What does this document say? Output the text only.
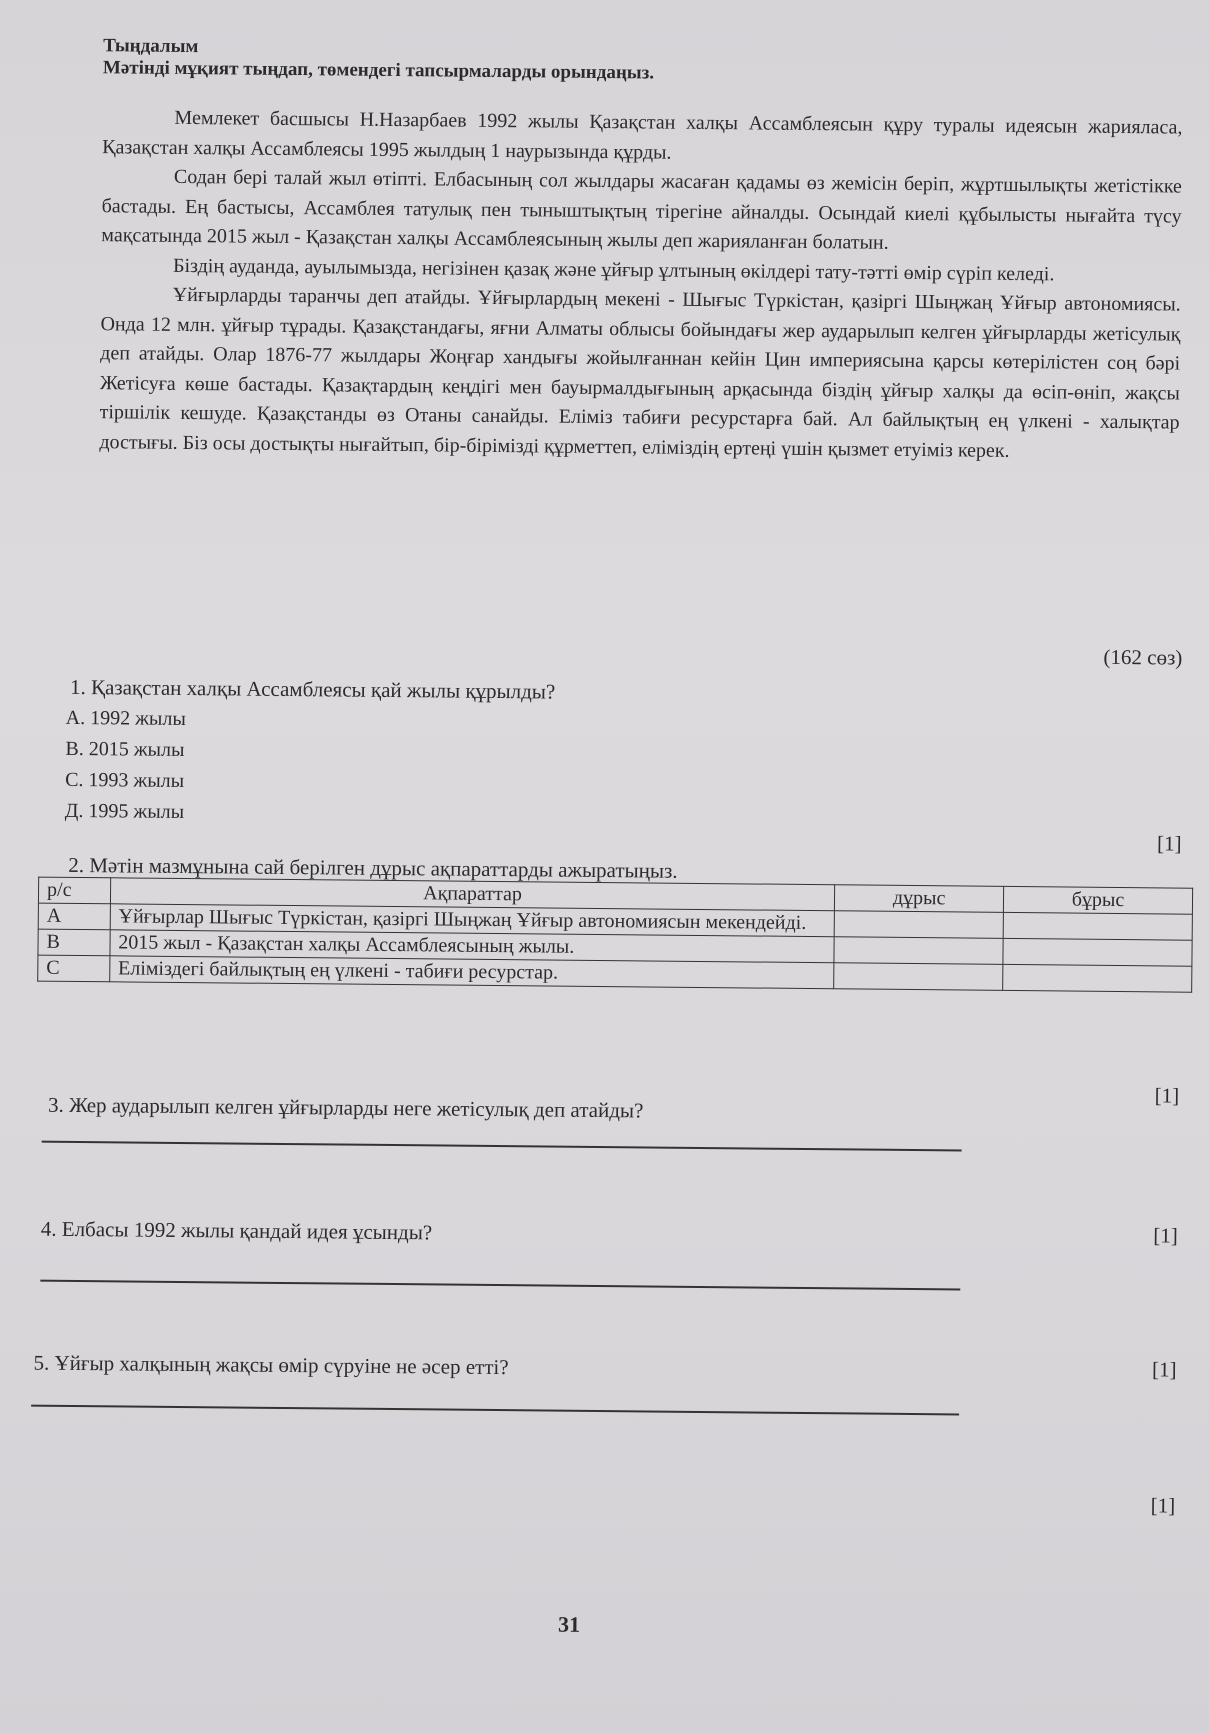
Тыңдалым
Мәтінді мұқият тыңдап, төмендегі тапсырмаларды орындаңыз.

Мемлекет басшысы Н.Назарбаев 1992 жылы Қазақстан халқы Ассамблеясын құру туралы идеясын жарияласа, Қазақстан халқы Ассамблеясы 1995 жылдың 1 наурызында құрды.

Содан бері талай жыл өтіпті. Елбасының сол жылдары жасаған қадамы өз жемісін беріп, жұртшылықты жетістікке бастады. Ең бастысы, Ассамблея татулық пен тыныштықтың тірегіне айналды. Осындай киелі құбылысты нығайта түсу мақсатында 2015 жыл - Қазақстан халқы Ассамблеясының жылы деп жарияланған болатын.

Біздің ауданда, ауылымызда, негізінен қазақ және ұйғыр ұлтының өкілдері тату-тәтті өмір сүріп келеді.

Ұйғырларды таранчы деп атайды. Ұйғырлардың мекені - Шығыс Түркістан, қазіргі Шыңжаң Ұйғыр автономиясы. Онда 12 млн. ұйғыр тұрады. Қазақстандағы, яғни Алматы облысы бойындағы жер аударылып келген ұйғырларды жетісулық деп атайды. Олар 1876-77 жылдары Жоңғар хандығы жойылғаннан кейін Цин империясына қарсы көтерілістен соң бәрі Жетісуға көше бастады. Қазақтардың кеңдігі мен бауырмалдығының арқасында біздің ұйғыр халқы да өсіп-өніп, жақсы тіршілік кешуде. Қазақстанды өз Отаны санайды. Еліміз табиғи ресурстарға бай. Ал байлықтың ең үлкені - халықтар достығы. Біз осы достықты нығайтып, бір-бірімізді құрметтеп, еліміздің ертеңі үшін қызмет етуіміз керек.

(162 сөз)
1. Қазақстан халқы Ассамблеясы қай жылы құрылды?
A. 1992 жылы
B. 2015 жылы
C. 1993 жылы
Д. 1995 жылы
[1]
2. Мәтін мазмұнына сай берілген дұрыс ақпараттарды ажыратыңыз.
р/с	Ақпараттар	дұрыс	бұрыс
A	Ұйғырлар Шығыс Түркістан, қазіргі Шыңжаң Ұйғыр автономиясын мекендейді.		
B	2015 жыл - Қазақстан халқы Ассамблеясының жылы.		
C	Еліміздегі байлықтың ең үлкені - табиғи ресурстар.		
[1]
3. Жер аударылып келген ұйғырларды неге жетісулық деп атайды?
4. Елбасы 1992 жылы қандай идея ұсынды?	[1]
5. Ұйғыр халқының жақсы өмір сүруіне не әсер етті?	[1]
[1]
31
